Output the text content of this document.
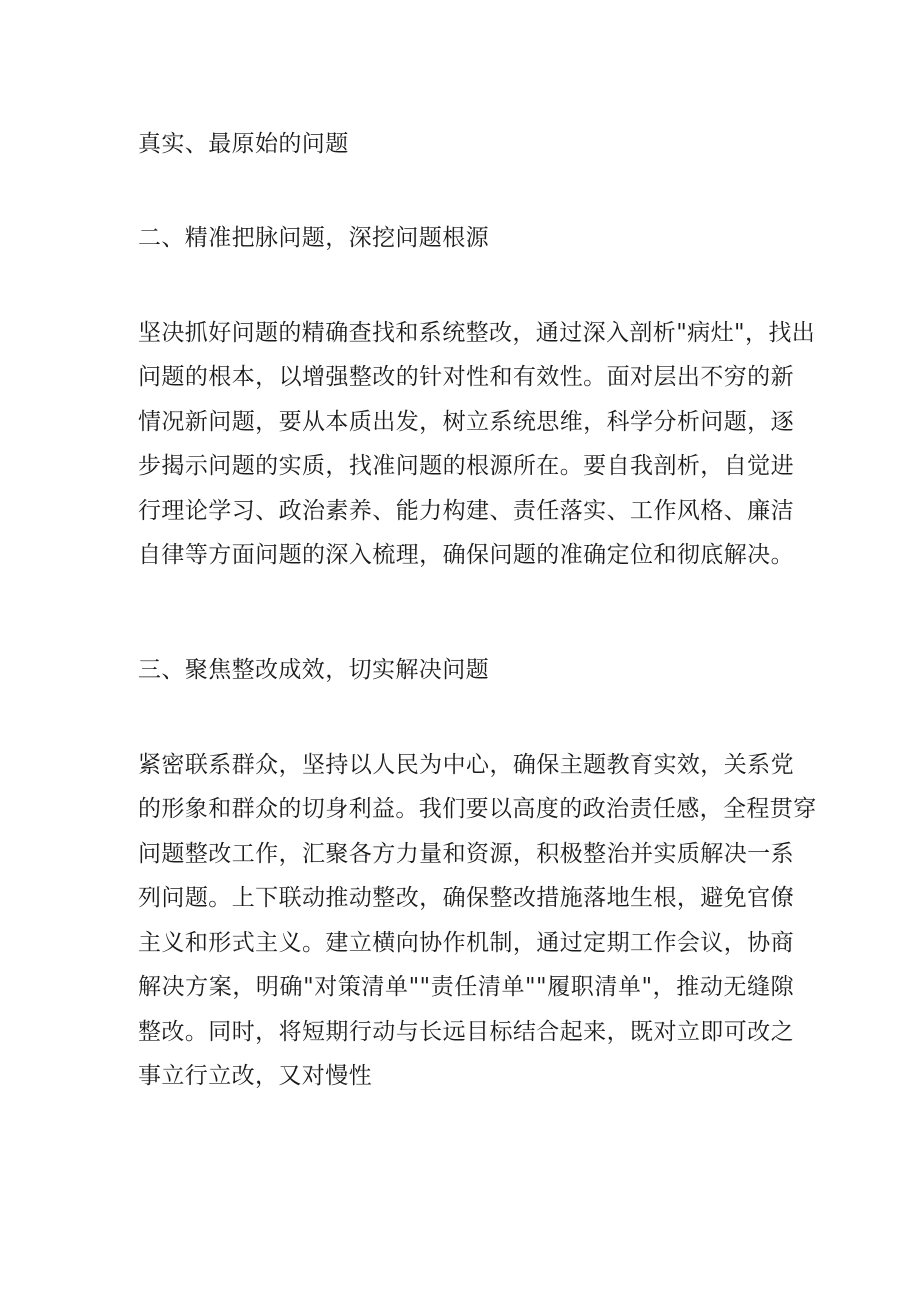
真实、最原始的问题
二、精准把脉问题，深挖问题根源
坚决抓好问题的精确查找和系统整改，通过深入剖析"病灶"，找出
问题的根本，以增强整改的针对性和有效性。面对层出不穷的新
情况新问题，要从本质出发，树立系统思维，科学分析问题，逐
步揭示问题的实质，找准问题的根源所在。要自我剖析，自觉进
行理论学习、政治素养、能力构建、责任落实、工作风格、廉洁
自律等方面问题的深入梳理，确保问题的准确定位和彻底解决。
三、聚焦整改成效，切实解决问题
紧密联系群众，坚持以人民为中心，确保主题教育实效，关系党
的形象和群众的切身利益。我们要以高度的政治责任感，全程贯穿
问题整改工作，汇聚各方力量和资源，积极整治并实质解决一系
列问题。上下联动推动整改，确保整改措施落地生根，避免官僚
主义和形式主义。建立横向协作机制，通过定期工作会议，协商
解决方案，明确"对策清单""责任清单""履职清单"，推动无缝隙
整改。同时，将短期行动与长远目标结合起来，既对立即可改之
事立行立改，又对慢性
